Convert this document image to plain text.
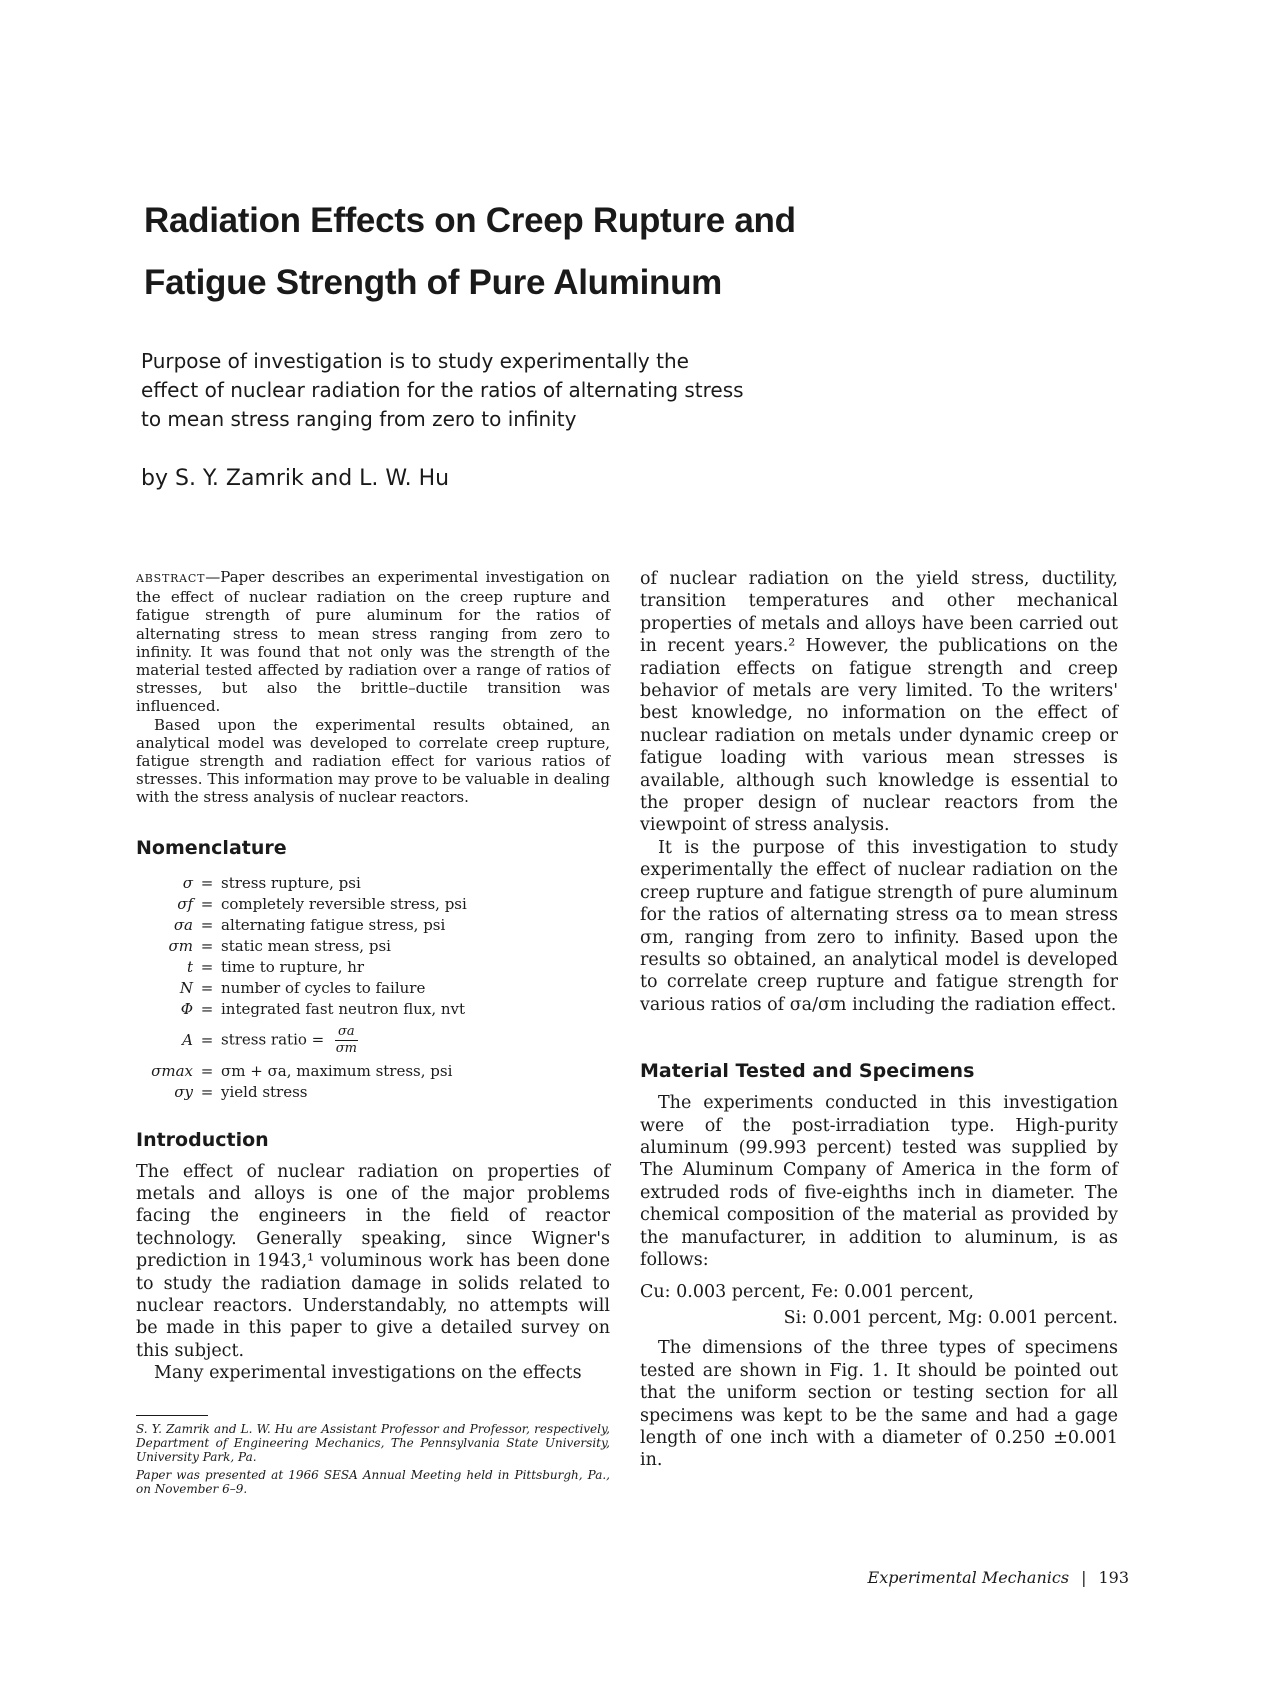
Radiation Effects on Creep Rupture and
Fatigue Strength of Pure Aluminum
Purpose of investigation is to study experimentally the
effect of nuclear radiation for the ratios of alternating stress
to mean stress ranging from zero to infinity
by S. Y. Zamrik and L. W. Hu

ABSTRACT—Paper describes an experimental investigation on the effect of nuclear radiation on the creep rupture and fatigue strength of pure aluminum for the ratios of alternating stress to mean stress ranging from zero to infinity. It was found that not only was the strength of the material tested affected by radiation over a range of ratios of stresses, but also the brittle–ductile transition was influenced.

Based upon the experimental results obtained, an analytical model was developed to correlate creep rupture, fatigue strength and radiation effect for various ratios of stresses. This information may prove to be valuable in dealing with the stress analysis of nuclear reactors.

Nomenclature
σ = stress rupture, psi
σf = completely reversible stress, psi
σa = alternating fatigue stress, psi
σm = static mean stress, psi
t = time to rupture, hr
N = number of cycles to failure
Φ = integrated fast neutron flux, nvt
A = stress ratio = $\frac{\sigma a}{\sigma m}$
σmax = σm + σa, maximum stress, psi
σy = yield stress
Introduction

The effect of nuclear radiation on properties of metals and alloys is one of the major problems facing the engineers in the field of reactor technology. Generally speaking, since Wigner's prediction in 1943,¹ voluminous work has been done to study the radiation damage in solids related to nuclear reactors. Understandably, no attempts will be made in this paper to give a detailed survey on this subject.

Many experimental investigations on the effects

S. Y. Zamrik and L. W. Hu are Assistant Professor and Professor, respectively, Department of Engineering Mechanics, The Pennsylvania State University, University Park, Pa.

Paper was presented at 1966 SESA Annual Meeting held in Pittsburgh, Pa., on November 6–9.

of nuclear radiation on the yield stress, ductility, transition temperatures and other mechanical properties of metals and alloys have been carried out in recent years.² However, the publications on the radiation effects on fatigue strength and creep behavior of metals are very limited. To the writers' best knowledge, no information on the effect of nuclear radiation on metals under dynamic creep or fatigue loading with various mean stresses is available, although such knowledge is essential to the proper design of nuclear reactors from the viewpoint of stress analysis.

It is the purpose of this investigation to study experimentally the effect of nuclear radiation on the creep rupture and fatigue strength of pure aluminum for the ratios of alternating stress σa to mean stress σm, ranging from zero to infinity. Based upon the results so obtained, an analytical model is developed to correlate creep rupture and fatigue strength for various ratios of σa/σm including the radiation effect.

Material Tested and Specimens

The experiments conducted in this investigation were of the post-irradiation type. High-purity aluminum (99.993 percent) tested was supplied by The Aluminum Company of America in the form of extruded rods of five-eighths inch in diameter. The chemical composition of the material as provided by the manufacturer, in addition to aluminum, is as follows:

Cu: 0.003 percent, Fe: 0.001 percent,
Si: 0.001 percent, Mg: 0.001 percent.

The dimensions of the three types of specimens tested are shown in Fig. 1. It should be pointed out that the uniform section or testing section for all specimens was kept to be the same and had a gage length of one inch with a diameter of 0.250 ±0.001 in.

Experimental Mechanics | 193
